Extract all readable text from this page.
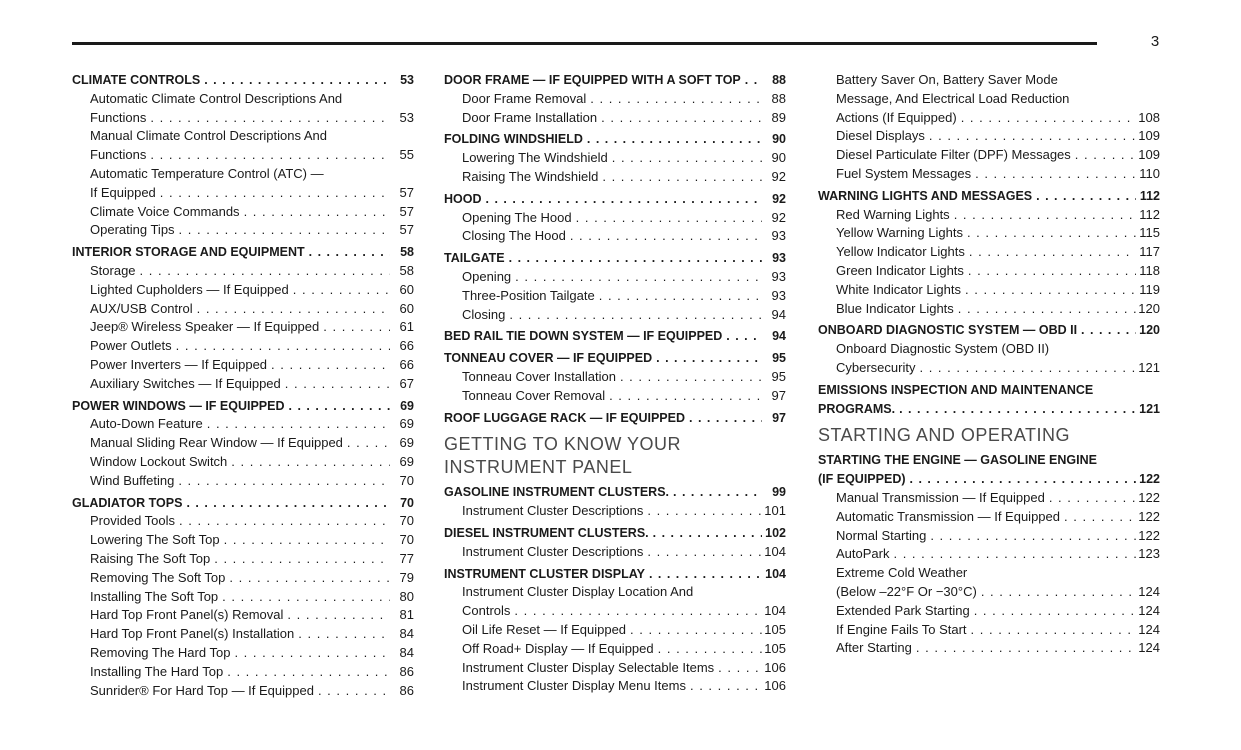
3
CLIMATE CONTROLS . . .	53
Automatic Climate Control Descriptions And
Functions . . .	53
Manual Climate Control Descriptions And
Functions . . .	55
Automatic Temperature Control (ATC) —
If Equipped . . .	57
Climate Voice Commands . . .	57
Operating Tips . . .	57
INTERIOR STORAGE AND EQUIPMENT . . .	58
Storage . . .	58
Lighted Cupholders — If Equipped . . .	60
AUX/USB Control . . .	60
Jeep® Wireless Speaker — If Equipped . . .	61
Power Outlets . . .	66
Power Inverters — If Equipped . . .	66
Auxiliary Switches — If Equipped . . .	67
POWER WINDOWS — IF EQUIPPED . . .	69
Auto-Down Feature . . .	69
Manual Sliding Rear Window — If Equipped . . .	69
Window Lockout Switch . . .	69
Wind Buffeting . . .	70
GLADIATOR TOPS . . .	70
Provided Tools . . .	70
Lowering The Soft Top . . .	70
Raising The Soft Top . . .	77
Removing The Soft Top . . .	79
Installing The Soft Top . . .	80
Hard Top Front Panel(s) Removal . . .	81
Hard Top Front Panel(s) Installation . . .	84
Removing The Hard Top . . .	84
Installing The Hard Top . . .	86
Sunrider® For Hard Top — If Equipped . . .	86
DOOR FRAME — IF EQUIPPED WITH A SOFT TOP . . .	88
Door Frame Removal . . .	88
Door Frame Installation . . .	89
FOLDING WINDSHIELD . . .	90
Lowering The Windshield . . .	90
Raising The Windshield . . .	92
HOOD . . .	92
Opening The Hood . . .	92
Closing The Hood . . .	93
TAILGATE . . .	93
Opening . . .	93
Three-Position Tailgate . . .	93
Closing . . .	94
BED RAIL TIE DOWN SYSTEM — IF EQUIPPED . . .	94
TONNEAU COVER — IF EQUIPPED . . .	95
Tonneau Cover Installation . . .	95
Tonneau Cover Removal . . .	97
ROOF LUGGAGE RACK — IF EQUIPPED . . .	97
GETTING TO KNOW YOUR
INSTRUMENT PANEL
GASOLINE INSTRUMENT CLUSTERS. . . .	99
Instrument Cluster Descriptions . . .	101
DIESEL INSTRUMENT CLUSTERS. . . .	102
Instrument Cluster Descriptions . . .	104
INSTRUMENT CLUSTER DISPLAY . . .	104
Instrument Cluster Display Location And
Controls . . .	104
Oil Life Reset — If Equipped . . .	105
Off Road+ Display — If Equipped . . .	105
Instrument Cluster Display Selectable Items . . .	106
Instrument Cluster Display Menu Items . . .	106
Battery Saver On, Battery Saver Mode
Message, And Electrical Load Reduction
Actions (If Equipped) . . .	108
Diesel Displays . . .	109
Diesel Particulate Filter (DPF) Messages . . .	109
Fuel System Messages . . .	110
WARNING LIGHTS AND MESSAGES . . .	112
Red Warning Lights . . .	112
Yellow Warning Lights . . .	115
Yellow Indicator Lights . . .	117
Green Indicator Lights . . .	118
White Indicator Lights . . .	119
Blue Indicator Lights . . .	120
ONBOARD DIAGNOSTIC SYSTEM — OBD II . . .	120
Onboard Diagnostic System (OBD II)
Cybersecurity . . .	121
EMISSIONS INSPECTION AND MAINTENANCE
PROGRAMS. . . .	121
STARTING AND OPERATING
STARTING THE ENGINE — GASOLINE ENGINE
(IF EQUIPPED) . . .	122
Manual Transmission — If Equipped . . .	122
Automatic Transmission — If Equipped . . .	122
Normal Starting . . .	122
AutoPark . . .	123
Extreme Cold Weather
(Below –22°F Or −30°C) . . .	124
Extended Park Starting . . .	124
If Engine Fails To Start . . .	124
After Starting . . .	124
